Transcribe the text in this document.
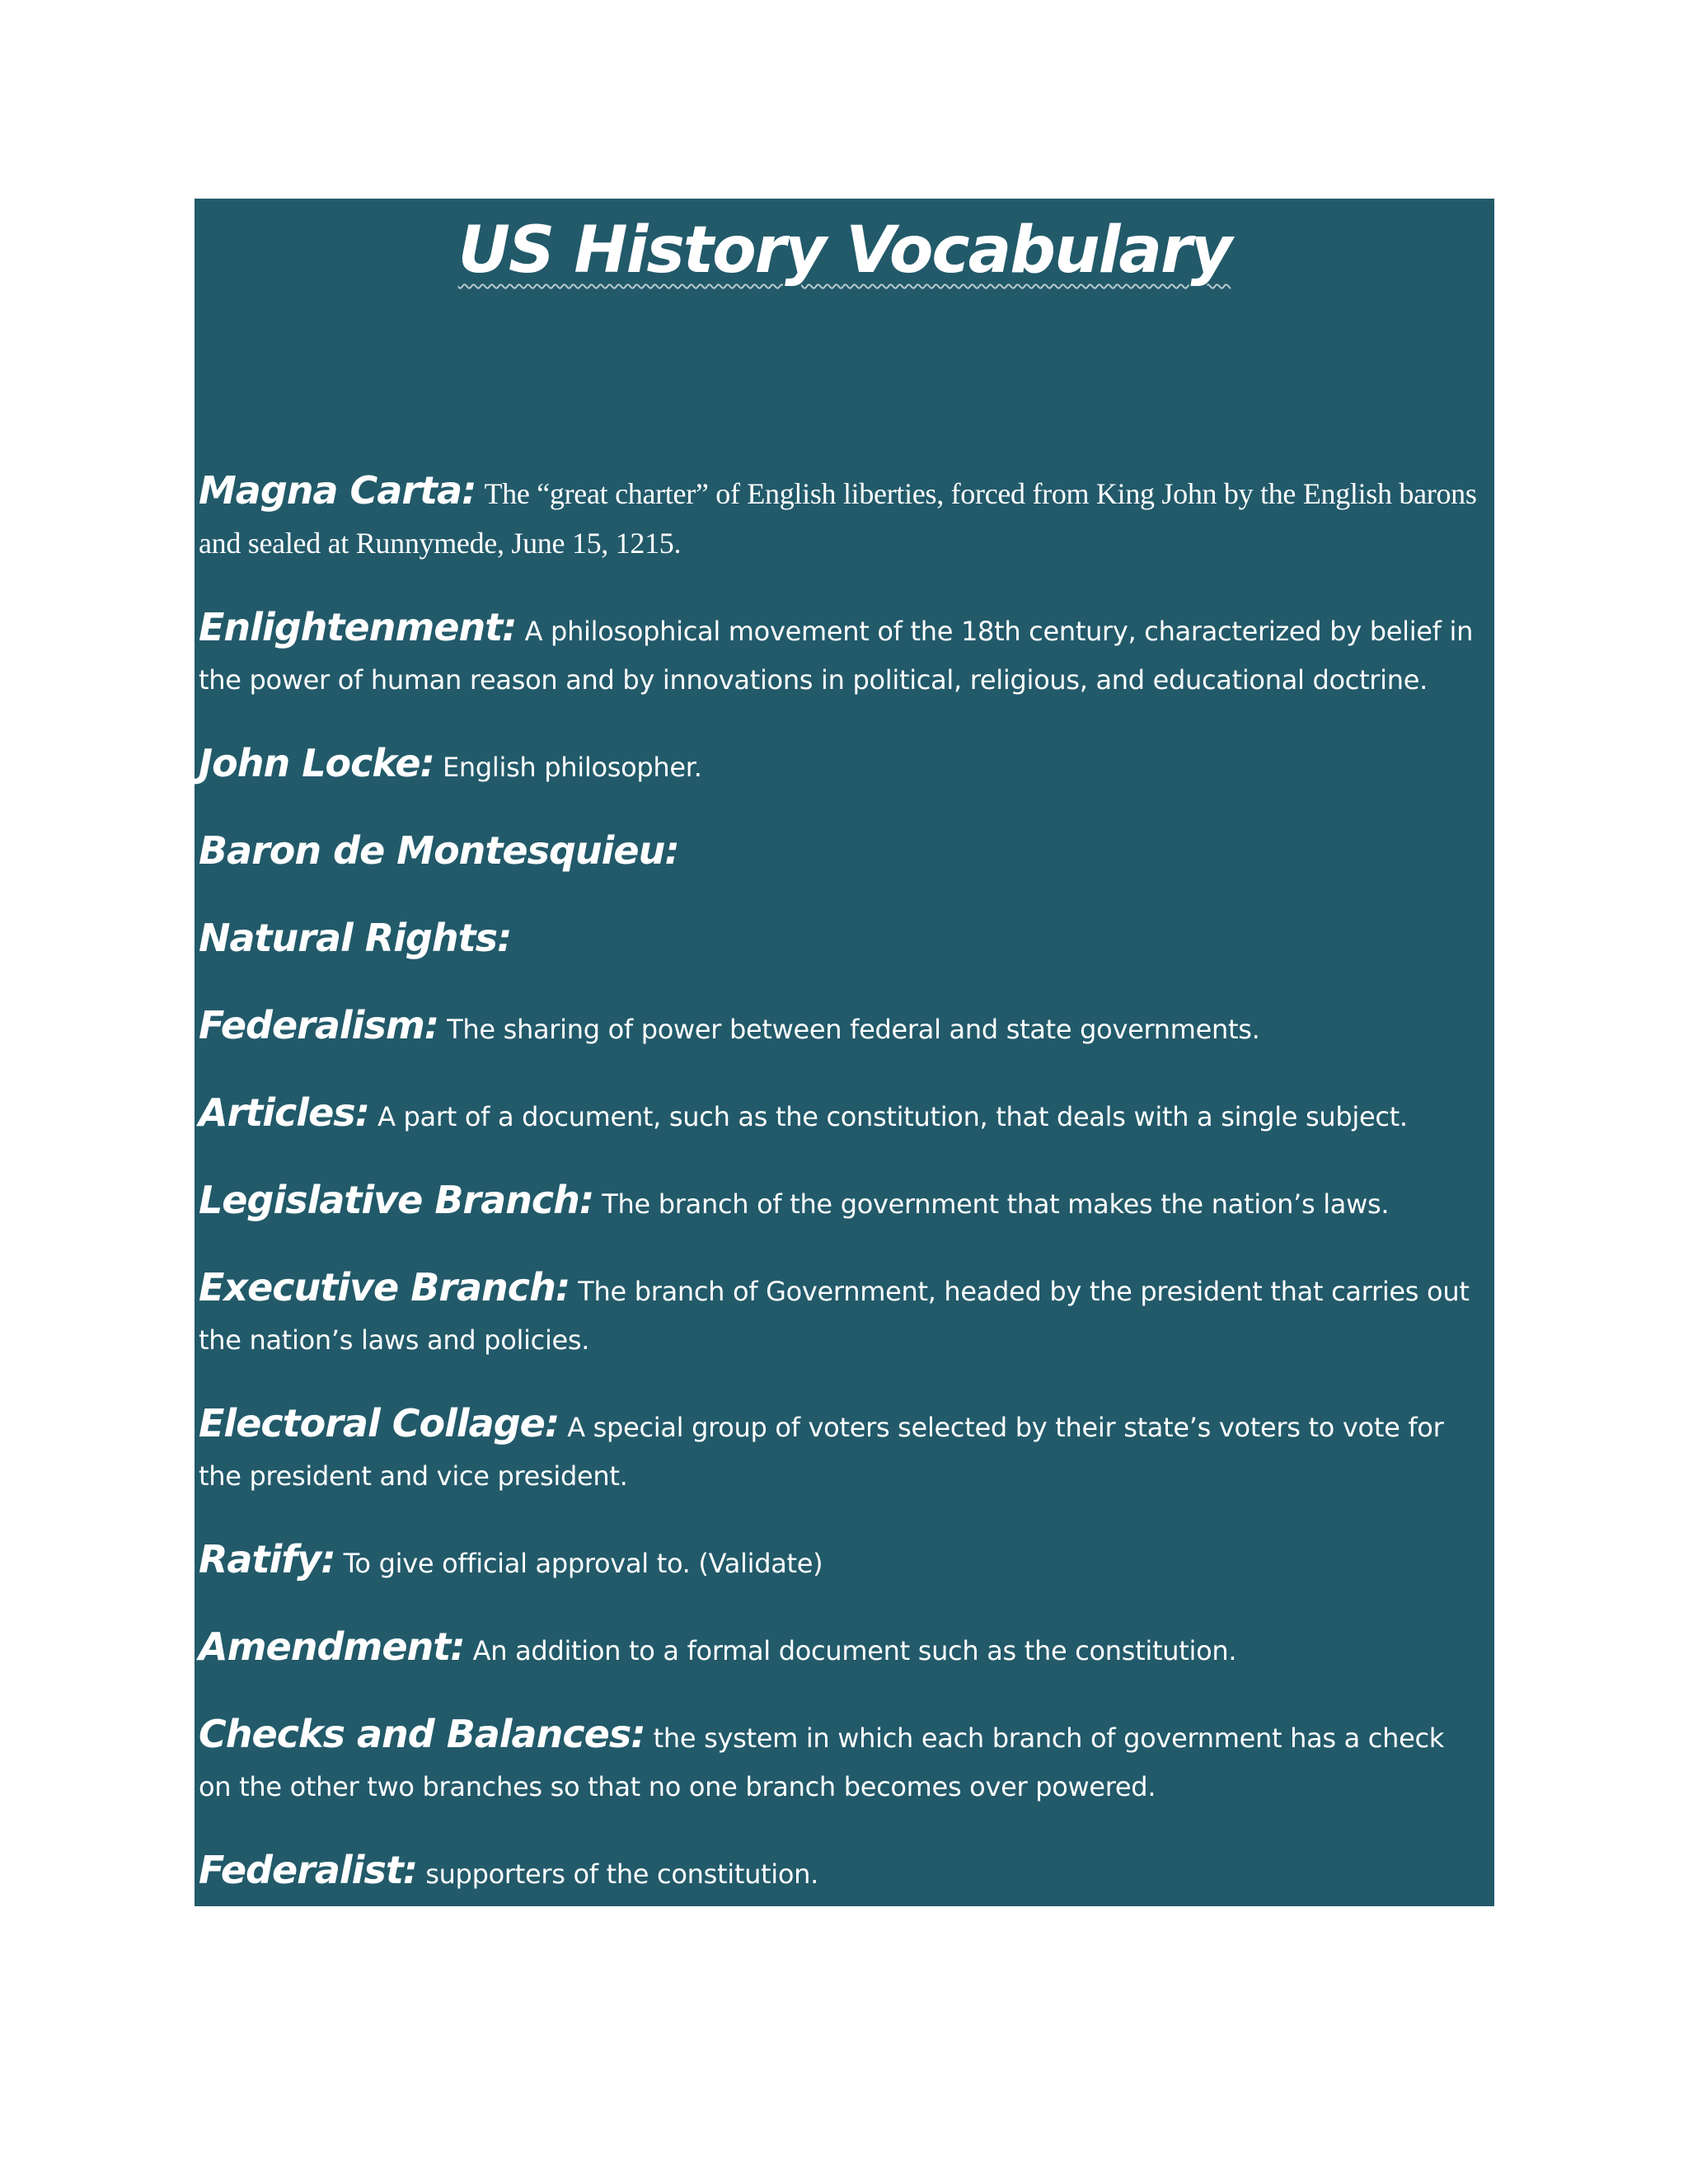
US History Vocabulary

Magna Carta: The “great charter” of English liberties, forced from King John by the English barons and sealed at Runnymede, June 15, 1215.

Enlightenment: A philosophical movement of the 18th century, characterized by belief in the power of human reason and by innovations in political, religious, and educational doctrine.

John Locke: English philosopher.

Baron de Montesquieu:

Natural Rights:

Federalism: The sharing of power between federal and state governments.

Articles: A part of a document, such as the constitution, that deals with a single subject.

Legislative Branch: The branch of the government that makes the nation’s laws.

Executive Branch: The branch of Government, headed by the president that carries out the nation’s laws and policies.

Electoral Collage: A special group of voters selected by their state’s voters to vote for the president and vice president.

Ratify: To give official approval to. (Validate)

Amendment: An addition to a formal document such as the constitution.

Checks and Balances: the system in which each branch of government has a check on the other two branches so that no one branch becomes over powered.

Federalist: supporters of the constitution.
